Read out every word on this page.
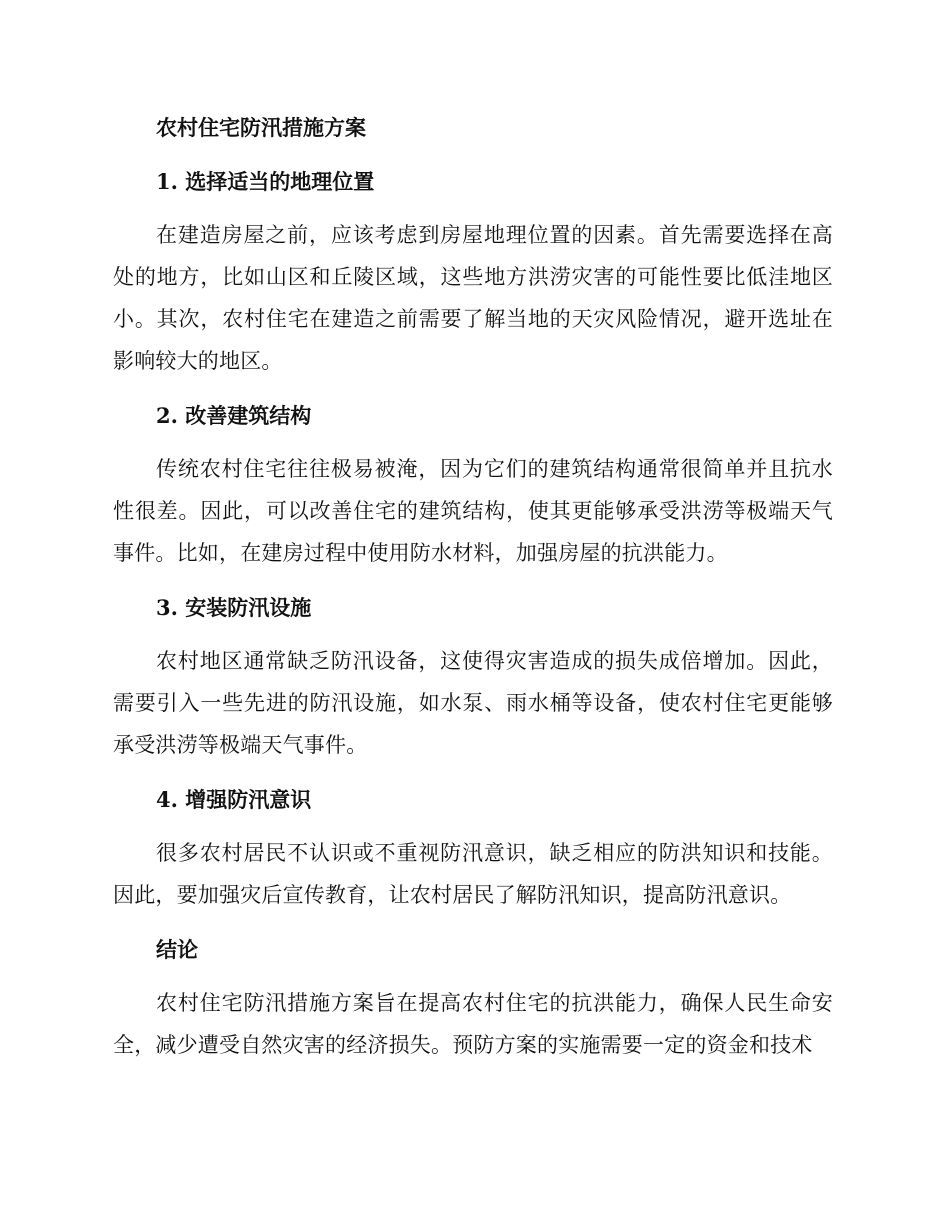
农村住宅防汛措施方案
1. 选择适当的地理位置

在建造房屋之前，应该考虑到房屋地理位置的因素。首先需要选择在高处的地方，比如山区和丘陵区域，这些地方洪涝灾害的可能性要比低洼地区小。其次，农村住宅在建造之前需要了解当地的天灾风险情况，避开选址在影响较大的地区。

2. 改善建筑结构

传统农村住宅往往极易被淹，因为它们的建筑结构通常很简单并且抗水性很差。因此，可以改善住宅的建筑结构，使其更能够承受洪涝等极端天气事件。比如，在建房过程中使用防水材料，加强房屋的抗洪能力。

3. 安装防汛设施

农村地区通常缺乏防汛设备，这使得灾害造成的损失成倍增加。因此，需要引入一些先进的防汛设施，如水泵、雨水桶等设备，使农村住宅更能够承受洪涝等极端天气事件。

4. 增强防汛意识

很多农村居民不认识或不重视防汛意识，缺乏相应的防洪知识和技能。因此，要加强灾后宣传教育，让农村居民了解防汛知识，提高防汛意识。

结论

农村住宅防汛措施方案旨在提高农村住宅的抗洪能力，确保人民生命安全，减少遭受自然灾害的经济损失。预防方案的实施需要一定的资金和技术
